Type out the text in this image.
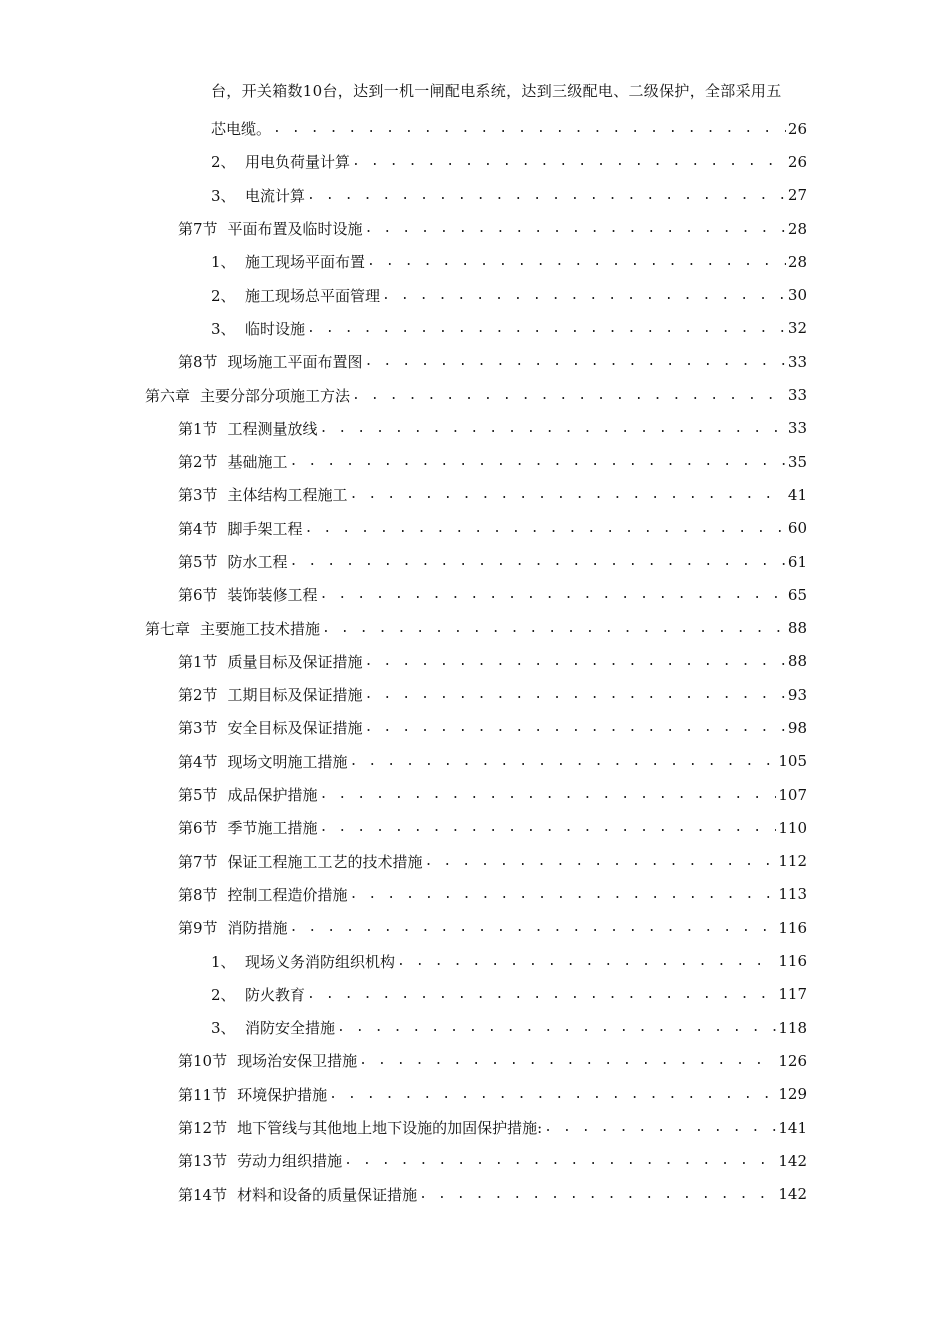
台，开关箱数10台，达到一机一闸配电系统，达到三级配电、二级保护，全部采用五
芯电缆。 . . .	26
2、 用电负荷量计算 . . .	26
3、 电流计算 . . .	27
第7节 平面布置及临时设施 . . .	28
1、 施工现场平面布置 . . .	28
2、 施工现场总平面管理 . . .	30
3、 临时设施 . . .	32
第8节 现场施工平面布置图 . . .	33
第六章 主要分部分项施工方法 . . .	33
第1节 工程测量放线 . . .	33
第2节 基础施工 . . .	35
第3节 主体结构工程施工 . . .	41
第4节 脚手架工程 . . .	60
第5节 防水工程 . . .	61
第6节 装饰装修工程 . . .	65
第七章 主要施工技术措施 . . .	88
第1节 质量目标及保证措施 . . .	88
第2节 工期目标及保证措施 . . .	93
第3节 安全目标及保证措施 . . .	98
第4节 现场文明施工措施 . . .	105
第5节 成品保护措施 . . .	107
第6节 季节施工措施 . . .	110
第7节 保证工程施工工艺的技术措施 . . .	112
第8节 控制工程造价措施 . . .	113
第9节 消防措施 . . .	116
1、 现场义务消防组织机构 . . .	116
2、 防火教育 . . .	117
3、 消防安全措施 . . .	118
第10节 现场治安保卫措施 . . .	126
第11节 环境保护措施 . . .	129
第12节 地下管线与其他地上地下设施的加固保护措施: . . .	141
第13节 劳动力组织措施 . . .	142
第14节 材料和设备的质量保证措施 . . .	142
